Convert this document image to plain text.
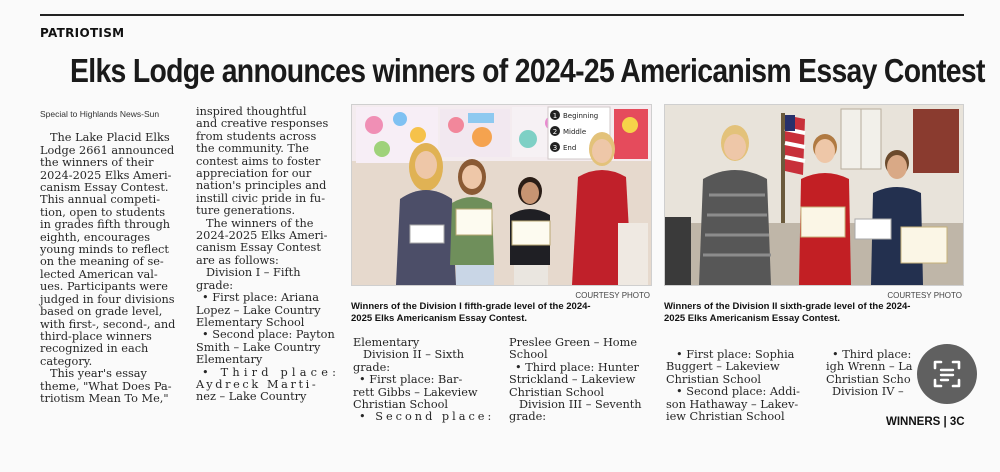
PATRIOTISM
Elks Lodge announces winners of 2024-25 Americanism Essay Contest

Special to Highlands News-Sun

The Lake Placid Elks

Lodge 2661 announced

the winners of their

2024-2025 Elks Ameri-

canism Essay Contest.

This annual competi-

tion, open to students

in grades fifth through

eighth, encourages

young minds to reflect

on the meaning of se-

lected American val-

ues. Participants were

judged in four divisions

based on grade level,

with first-, second-, and

third-place winners

recognized in each

category.

This year's essay

theme, "What Does Pa-

triotism Mean To Me,"

inspired thoughtful

and creative responses

from students across

the community. The

contest aims to foster

appreciation for our

nation's principles and

instill civic pride in fu-

ture generations.

The winners of the

2024-2025 Elks Ameri-

canism Essay Contest

are as follows:

Division I – Fifth

grade:

• First place: Ariana

Lopez – Lake Country

Elementary School

• Second place: Payton

Smith – Lake Country

Elementary

• Third place:

Aydreck Marti-

nez – Lake Country

1 Beginning
2 Middle
3 End
COURTESY PHOTO

Winners of the Division I fifth-grade level of the 2024-

2025 Elks Americanism Essay Contest.

Elementary

Division II – Sixth

grade:

• First place: Bar-

rett Gibbs – Lakeview

Christian School

• Second place:

Preslee Green – Home

School

• Third place: Hunter

Strickland – Lakeview

Christian School

Division III – Seventh

grade:

COURTESY PHOTO

Winners of the Division II sixth-grade level of the 2024-

2025 Elks Americanism Essay Contest.

• First place: Sophia

Buggert – Lakeview

Christian School

• Second place: Addi-

son Hathaway – Lakev-

iew Christian School

• Third place:

igh Wrenn – La

Christian Scho

Division IV –

WINNERS | 3C
